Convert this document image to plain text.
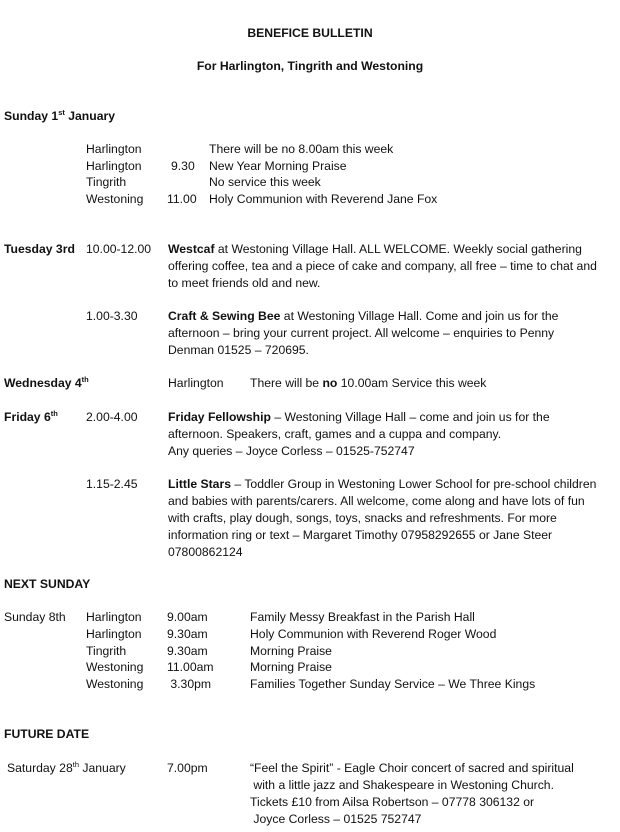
BENEFICE BULLETIN
For Harlington, Tingrith and Westoning
Sunday 1st January
Harlington	There will be no 8.00am this week
Harlington 9.30 New Year Morning Praise
Tingrith	No service this week
Westoning 11.00 Holy Communion with Reverend Jane Fox
Tuesday 3rd 10.00-12.00 Westcaf at Westoning Village Hall. ALL WELCOME. Weekly social gathering offering coffee, tea and a piece of cake and company, all free – time to chat and to meet friends old and new.
1.00-3.30	Craft & Sewing Bee at Westoning Village Hall. Come and join us for the afternoon – bring your current project. All welcome – enquiries to Penny Denman 01525 – 720695.
Wednesday 4th	Harlington There will be no 10.00am Service this week
Friday 6th 2.00-4.00	Friday Fellowship – Westoning Village Hall – come and join us for the afternoon. Speakers, craft, games and a cuppa and company.
Any queries – Joyce Corless – 01525-752747
1.15-2.45	Little Stars – Toddler Group in Westoning Lower School for pre-school children and babies with parents/carers. All welcome, come along and have lots of fun with crafts, play dough, songs, toys, snacks and refreshments. For more information ring or text – Margaret Timothy 07958292655 or Jane Steer 07800862124
NEXT SUNDAY
Sunday 8th Harlington 9.00am	Family Messy Breakfast in the Parish Hall
Harlington 9.30am	Holy Communion with Reverend Roger Wood
Tingrith	9.30am	Morning Praise
Westoning 11.00am	Morning Praise
Westoning 3.30pm	Families Together Sunday Service – We Three Kings
FUTURE DATE
Saturday 28th January	7.00pm	“Feel the Spirit” - Eagle Choir concert of sacred and spiritual
with a little jazz and Shakespeare in Westoning Church.
Tickets £10 from Ailsa Robertson – 07778 306132 or
Joyce Corless – 01525 752747
